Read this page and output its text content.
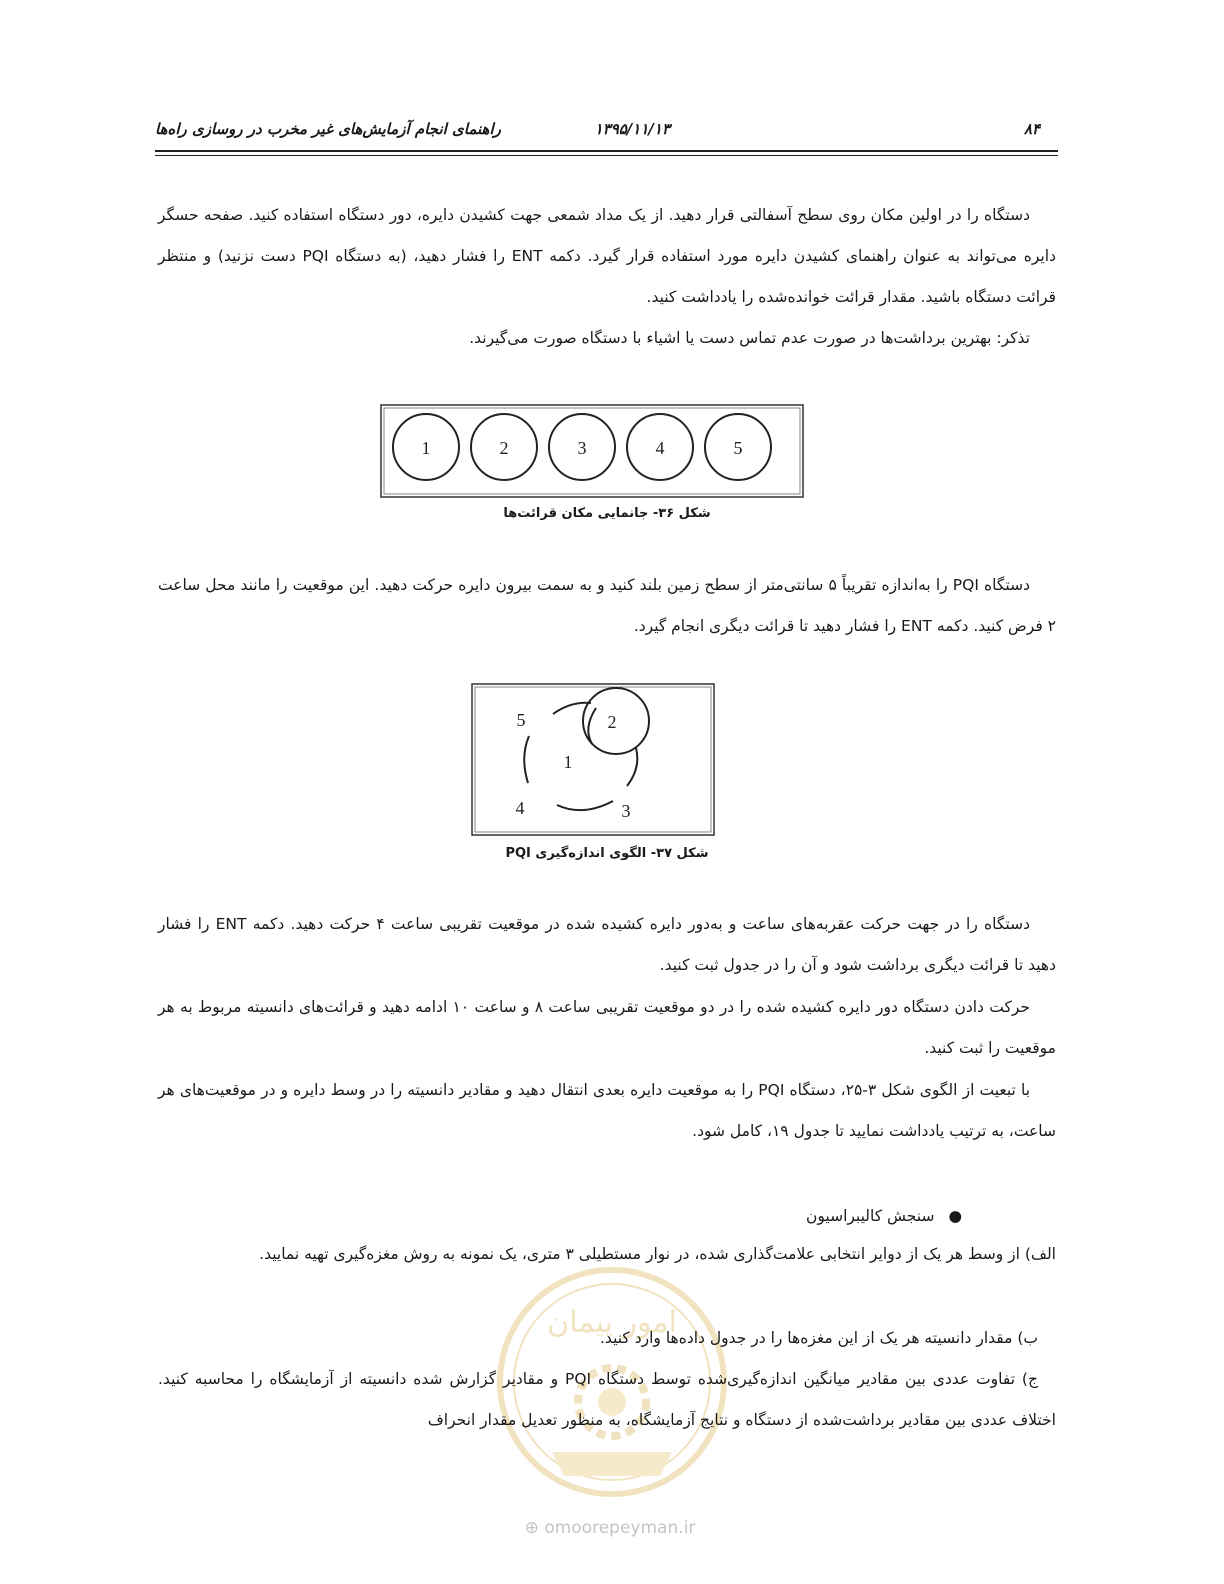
۸۴
۱۳۹۵/۱۱/۱۳
راهنمای انجام آزمایش‌های غیر مخرب در روسازی راه‌ها
دستگاه را در اولین مکان روی سطح آسفالتی قرار دهید. از یک مداد شمعی جهت کشیدن دایره، دور دستگاه استفاده کنید. صفحه حسگر دایره می‌تواند به عنوان راهنمای کشیدن دایره مورد استفاده قرار گیرد. دکمه ENT را فشار دهید، (به دستگاه PQI دست نزنید) و منتظر قرائت دستگاه باشید. مقدار قرائت خوانده‌شده را یادداشت کنید.
تذکر: بهترین برداشت‌ها در صورت عدم تماس دست یا اشیاء با دستگاه صورت می‌گیرند.
1	2	3	4	5
شکل ۳۶- جانمایی مکان قرائت‌ها
دستگاه PQI را به‌اندازه تقریباً ۵ سانتی‌متر از سطح زمین بلند کنید و به سمت بیرون دایره حرکت دهید. این موقعیت را مانند محل ساعت ۲ فرض کنید. دکمه ENT را فشار دهید تا قرائت دیگری انجام گیرد.
1
2
3
4
5
شکل ۳۷- الگوی اندازه‌گیری PQI
دستگاه را در جهت حرکت عقربه‌های ساعت و به‌دور دایره کشیده شده در موقعیت تقریبی ساعت ۴ حرکت دهید. دکمه ENT را فشار دهید تا قرائت دیگری برداشت شود و آن را در جدول ثبت کنید.
حرکت دادن دستگاه دور دایره کشیده شده را در دو موقعیت تقریبی ساعت ۸ و ساعت ۱۰ ادامه دهید و قرائت‌های دانسیته مربوط به هر موقعیت را ثبت کنید.
با تبعیت از الگوی شکل ۳-۲۵، دستگاه PQI را به موقعیت دایره بعدی انتقال دهید و مقادیر دانسیته را در وسط دایره و در موقعیت‌های هر ساعت، به ترتیب یادداشت نمایید تا جدول ۱۹، کامل شود.
●سنجش کالیبراسیون
امور پیمان
الف) از وسط هر یک از دوایر انتخابی علامت‌گذاری شده، در نوار مستطیلی ۳ متری، یک نمونه به روش مغزه‌گیری تهیه نمایید.
ب) مقدار دانسیته هر یک از این مغزه‌ها را در جدول داده‌ها وارد کنید.
ج) تفاوت عددی بین مقادیر میانگین اندازه‌گیری‌شده توسط دستگاه PQI و مقادیر گزارش شده دانسیته از آزمایشگاه را محاسبه کنید. اختلاف عددی بین مقادیر برداشت‌شده از دستگاه و نتایج آزمایشگاه، به منظور تعدیل مقدار انحراف
⊕ omoorepeyman.ir
